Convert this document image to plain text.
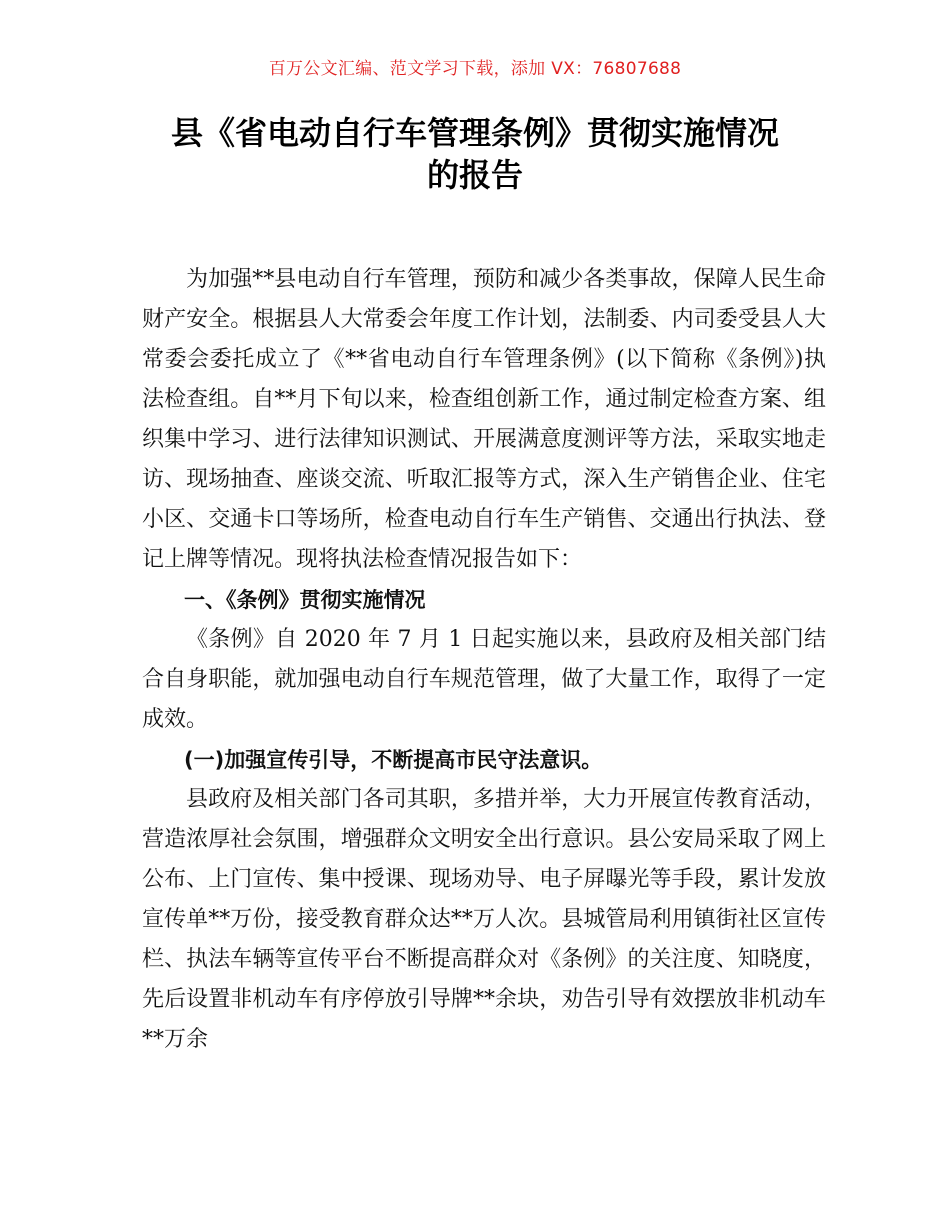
百万公文汇编、范文学习下载，添加 VX：76807688
县《省电动自行车管理条例》贯彻实施情况
的报告

为加强**县电动自行车管理，预防和减少各类事故，保障人民生命财产安全。根据县人大常委会年度工作计划，法制委、内司委受县人大常委会委托成立了《**省电动自行车管理条例》(以下简称《条例》)执法检查组。自**月下旬以来，检查组创新工作，通过制定检查方案、组织集中学习、进行法律知识测试、开展满意度测评等方法，采取实地走访、现场抽查、座谈交流、听取汇报等方式，深入生产销售企业、住宅小区、交通卡口等场所，检查电动自行车生产销售、交通出行执法、登记上牌等情况。现将执法检查情况报告如下：

一、《条例》贯彻实施情况

《条例》自 2020 年 7 月 1 日起实施以来，县政府及相关部门结合自身职能，就加强电动自行车规范管理，做了大量工作，取得了一定成效。

(一)加强宣传引导，不断提高市民守法意识。

县政府及相关部门各司其职，多措并举，大力开展宣传教育活动，营造浓厚社会氛围，增强群众文明安全出行意识。县公安局采取了网上公布、上门宣传、集中授课、现场劝导、电子屏曝光等手段，累计发放宣传单**万份，接受教育群众达**万人次。县城管局利用镇街社区宣传栏、执法车辆等宣传平台不断提高群众对《条例》的关注度、知晓度，先后设置非机动车有序停放引导牌**余块，劝告引导有效摆放非机动车**万余
